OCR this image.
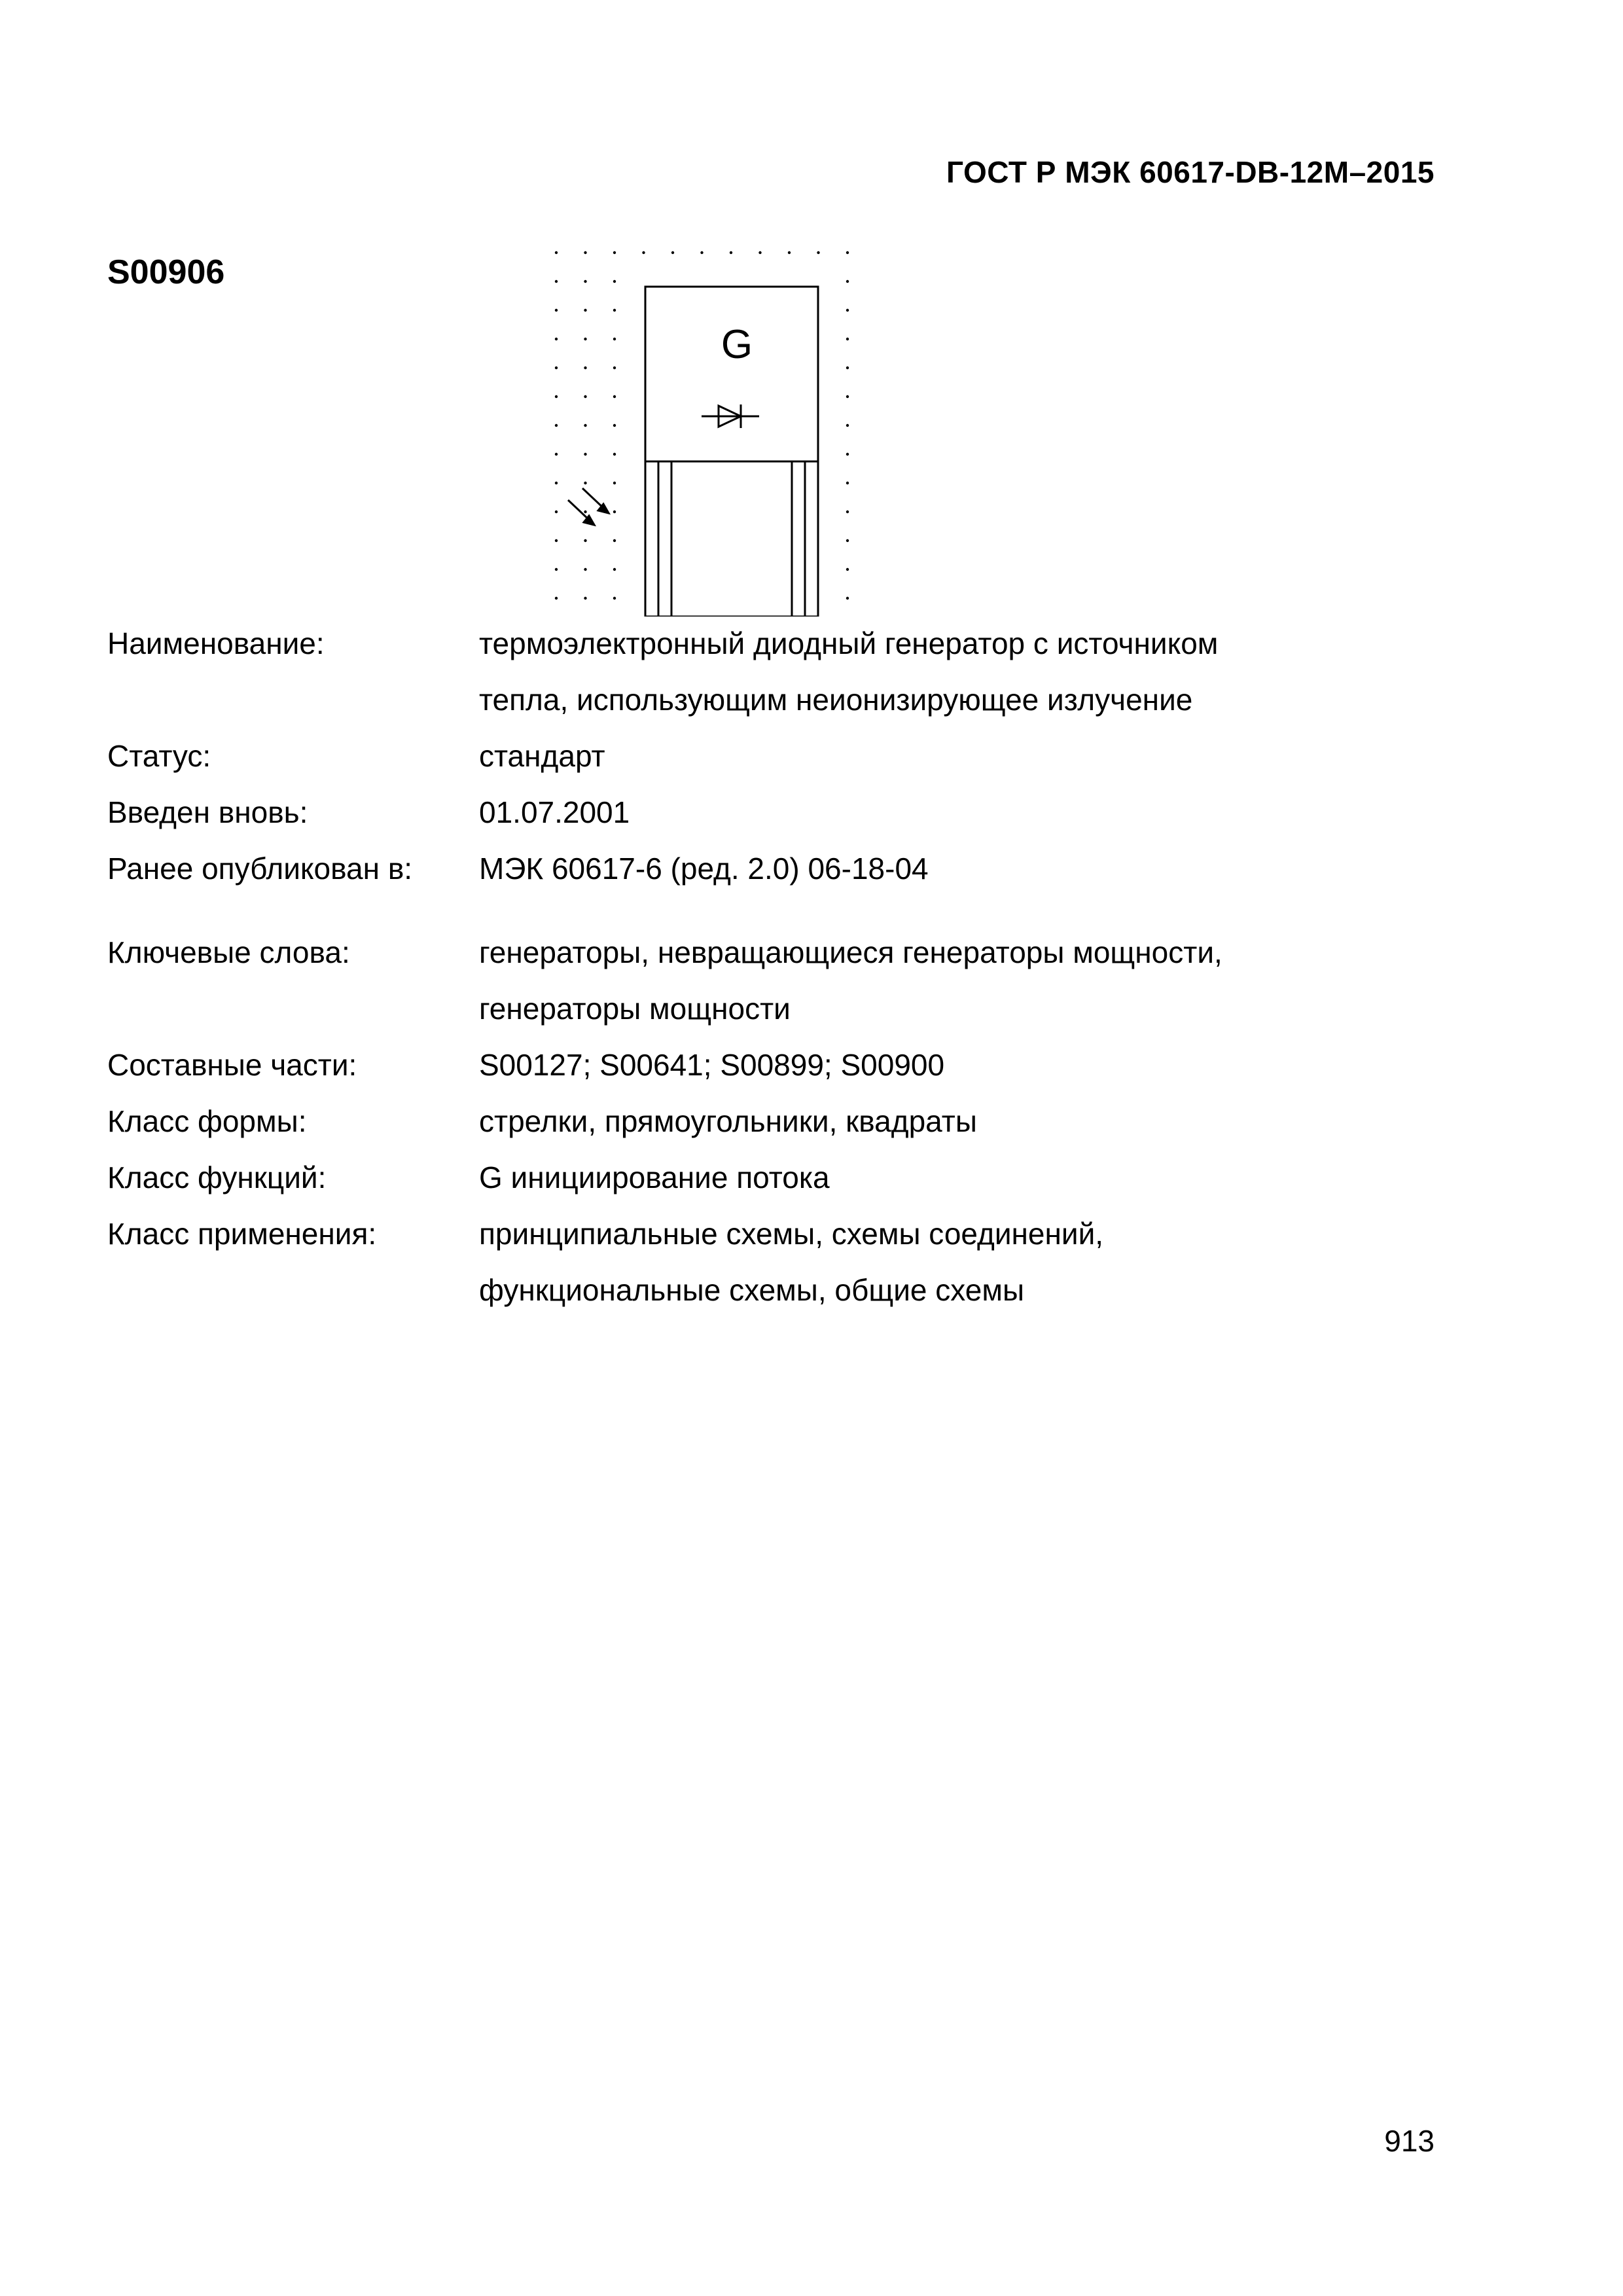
ГОСТ Р МЭК 60617-DB-12M–2015
S00906
G
Наименование:	термоэлектронный диодный генератор с источником
тепла, использующим неионизирующее излучение
Статус:	стандарт
Введен вновь:	01.07.2001
Ранее опубликован в:	МЭК 60617-6 (ред. 2.0) 06-18-04
Ключевые слова:	генераторы, невращающиеся генераторы мощности,
генераторы мощности
Составные части:	S00127; S00641; S00899; S00900
Класс формы:	стрелки, прямоугольники, квадраты
Класс функций:	G инициирование потока
Класс применения:	принципиальные схемы, схемы соединений,
функциональные схемы, общие схемы
913
